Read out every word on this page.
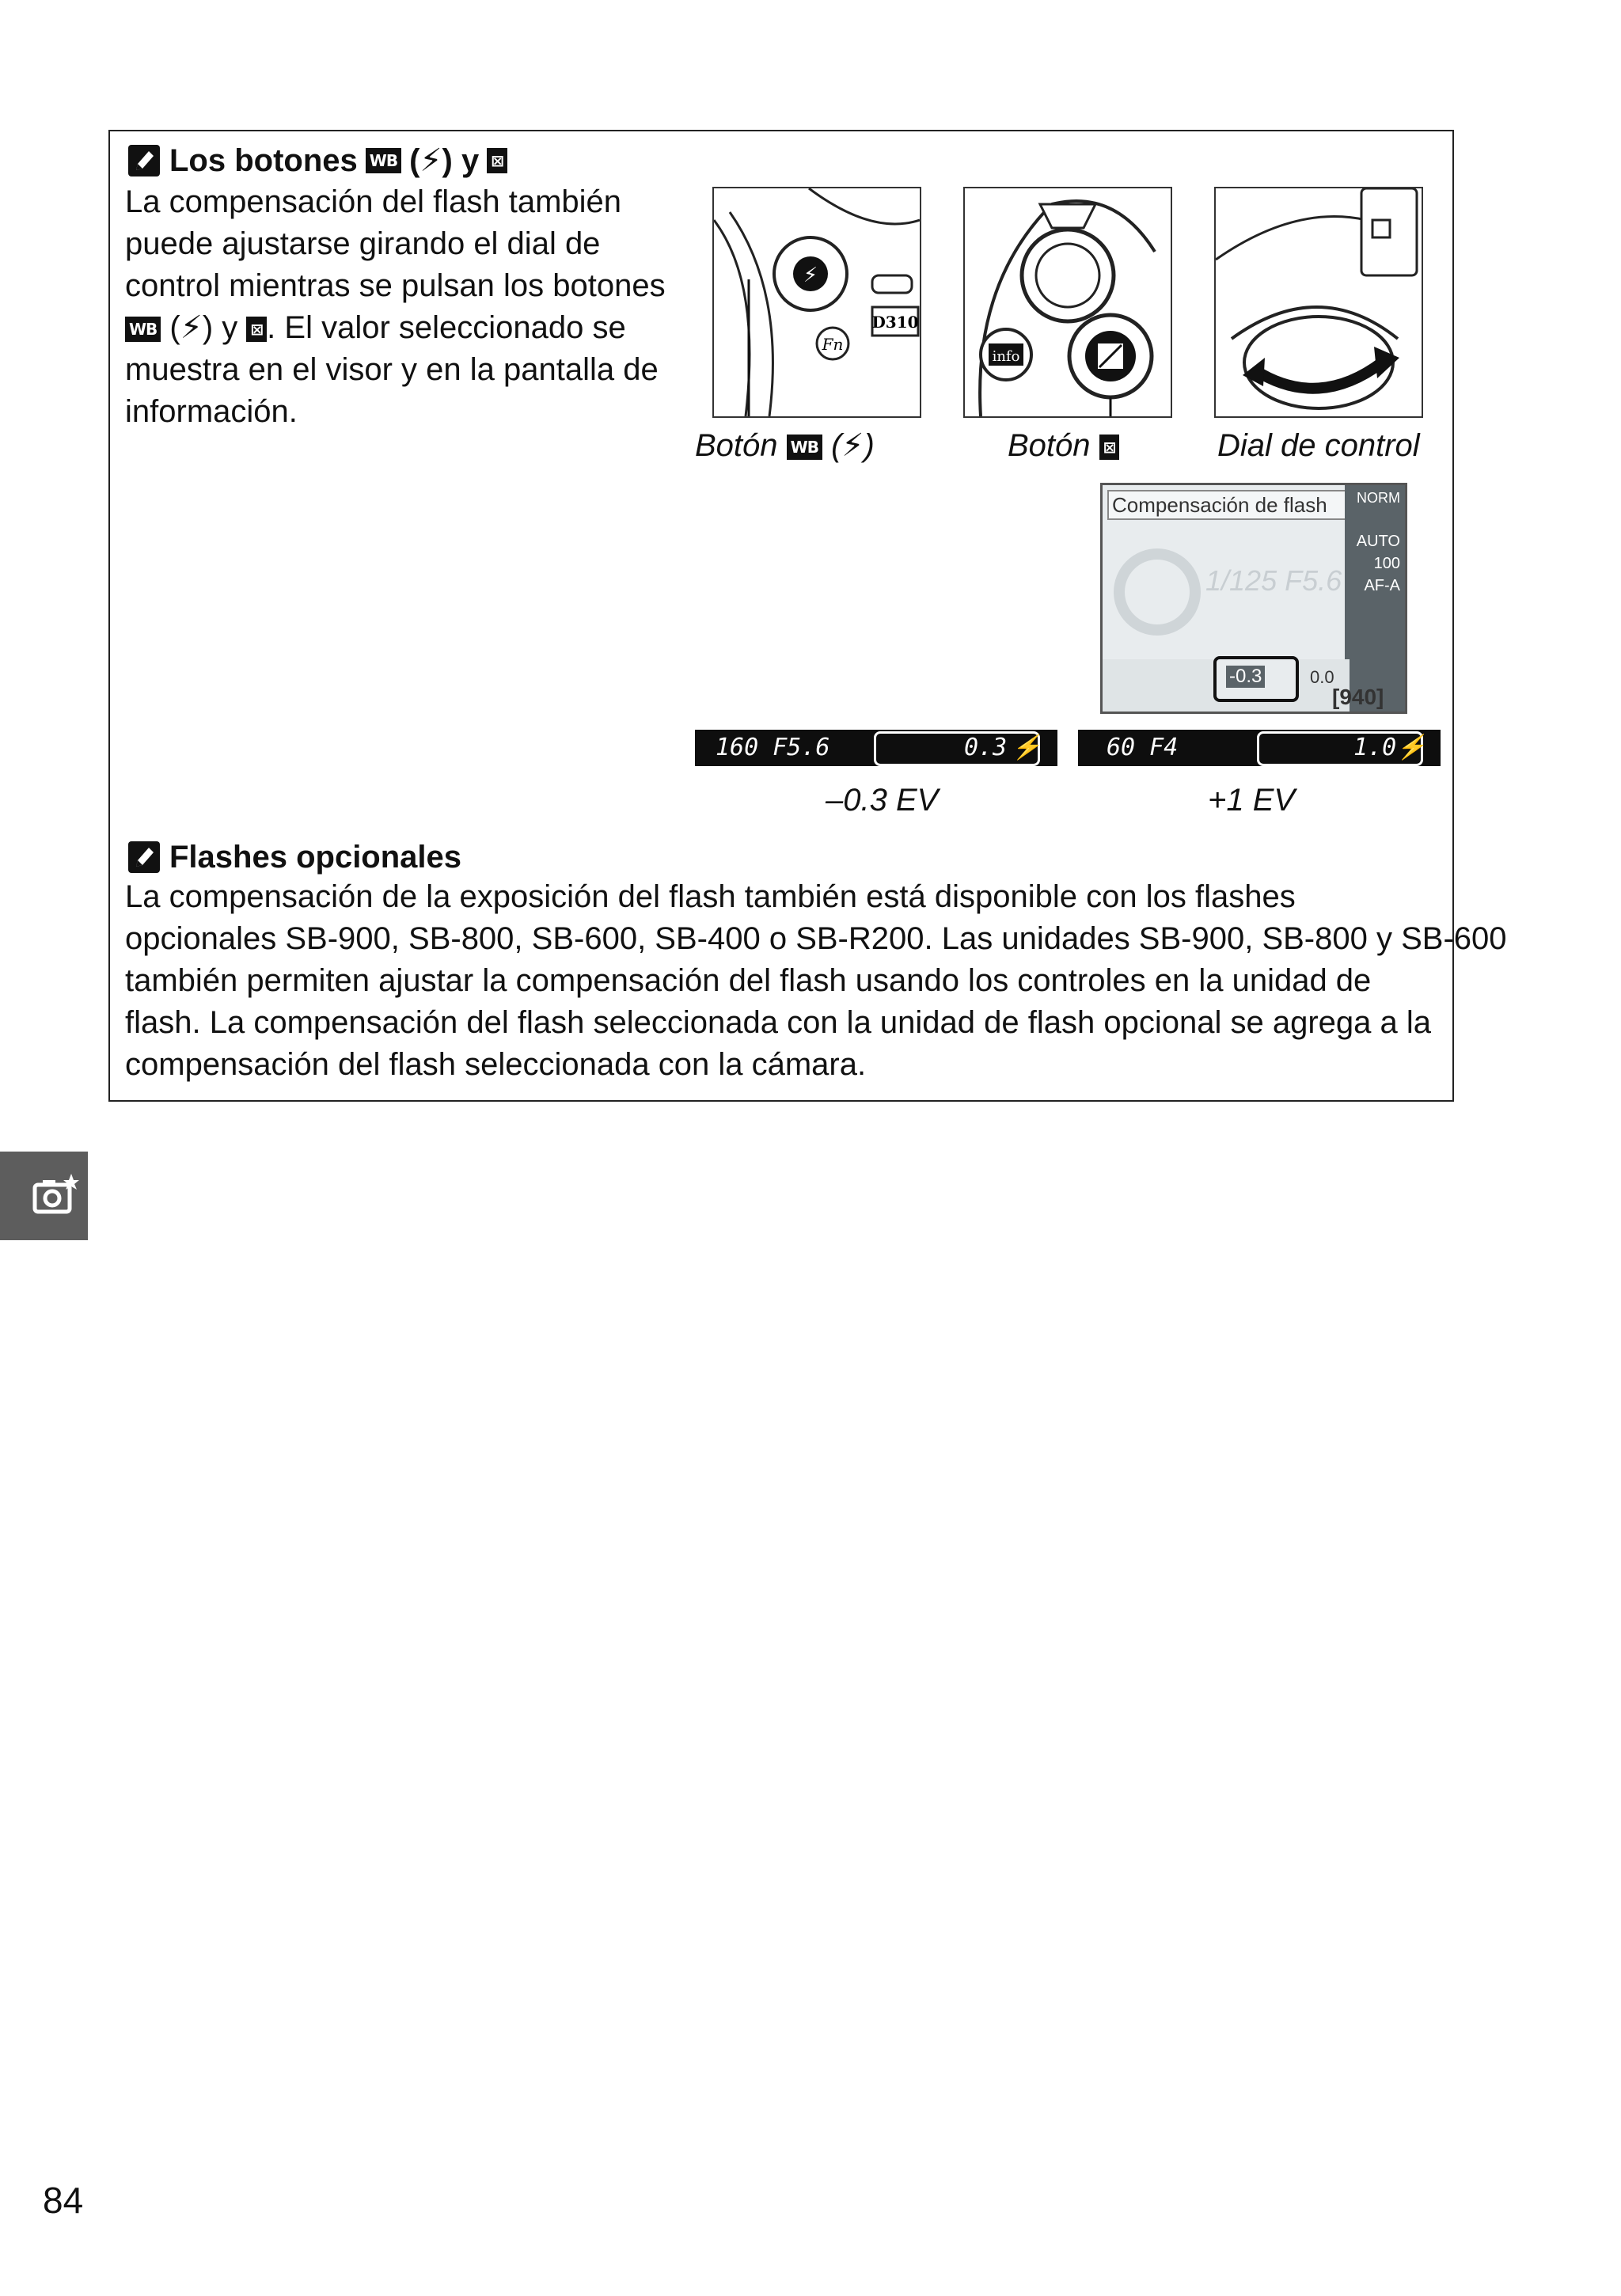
Los botones WB (⚡) y ⊠
La compensación del flash también
puede ajustarse girando el dial de
control mientras se pulsan los botones
WB (⚡) y ⊠ . El valor seleccionado se
muestra en el visor y en la pantalla de
información.
⚡
Fn
D310
info
Botón WB (⚡)	Botón ⊠	Dial de control
Compensación de flash	NORM
AUTO
100
AF-A
1/125 F5.6
-0.3	0.0
[940]
160 F5.6	0.3 ⚡	60 F4	1.0 ⚡
–0.3 EV	+1 EV
Flashes opcionales
La compensación de la exposición del flash también está disponible con los flashes
opcionales SB-900, SB-800, SB-600, SB-400 o SB-R200. Las unidades SB-900, SB-800 y SB-600
también permiten ajustar la compensación del flash usando los controles en la unidad de
flash. La compensación del flash seleccionada con la unidad de flash opcional se agrega a la
compensación del flash seleccionada con la cámara.
84
